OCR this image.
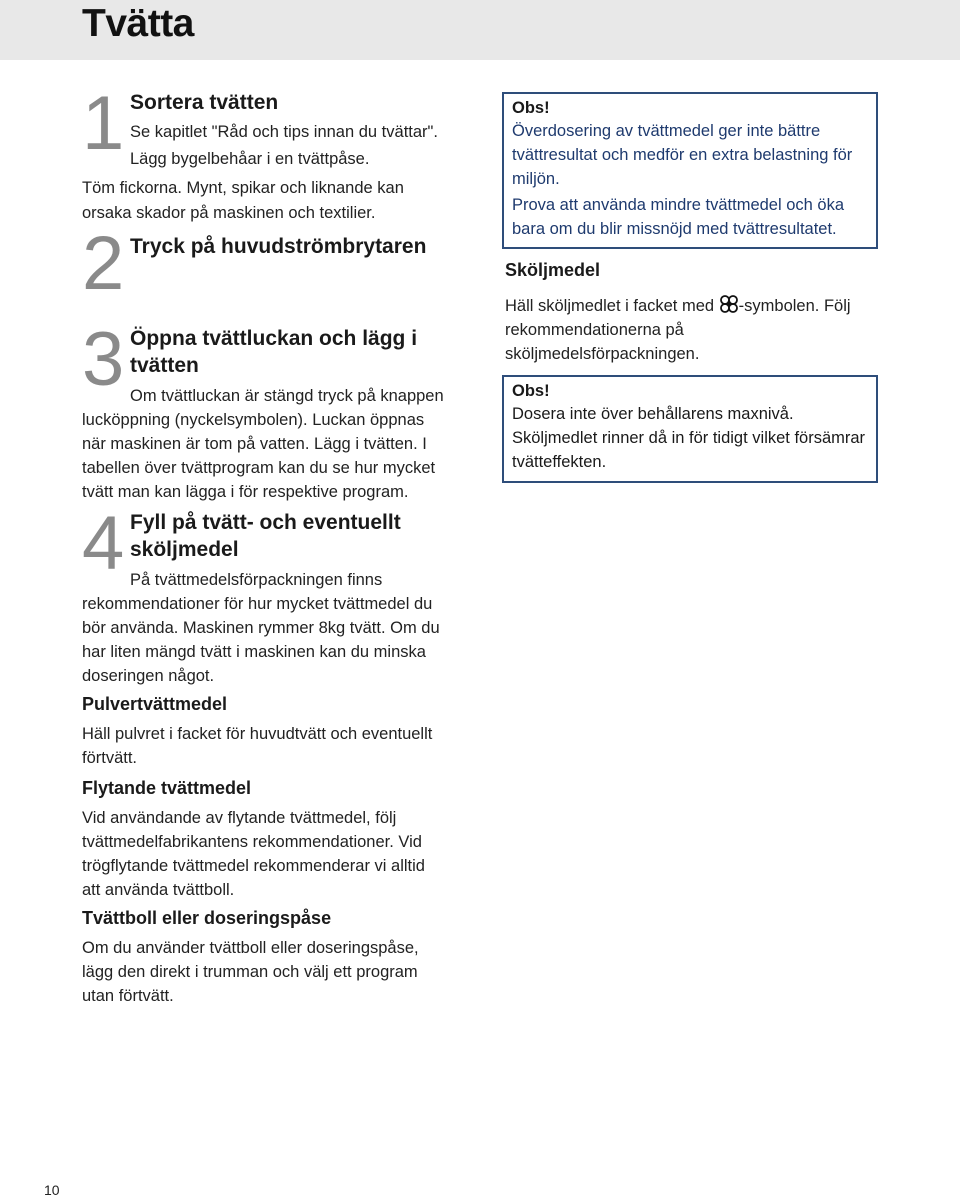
Tvätta
1 Sortera tvätten

Se kapitlet "Råd och tips innan du tvättar".

Lägg bygelbehåar i en tvättpåse.

Töm fickorna. Mynt, spikar och liknande kan

orsaka skador på maskinen och textilier.

2 Tryck på huvudströmbrytaren
3 Öppna tvättluckan och lägg i
tvätten

Om tvättluckan är stängd tryck på knappen

lucköppning (nyckelsymbolen). Luckan öppnas

när maskinen är tom på vatten. Lägg i tvätten. I

tabellen över tvättprogram kan du se hur mycket

tvätt man kan lägga i för respektive program.

4 Fyll på tvätt- och eventuellt
sköljmedel

På tvättmedelsförpackningen finns

rekommendationer för hur mycket tvättmedel du

bör använda. Maskinen rymmer 8kg tvätt. Om du

har liten mängd tvätt i maskinen kan du minska

doseringen något.

Pulvertvättmedel

Häll pulvret i facket för huvudtvätt och eventuellt

förtvätt.

Flytande tvättmedel

Vid användande av flytande tvättmedel, följ

tvättmedelfabrikantens rekommendationer. Vid

trögflytande tvättmedel rekommenderar vi alltid

att använda tvättboll.

Tvättboll eller doseringspåse

Om du använder tvättboll eller doseringspåse,

lägg den direkt i trumman och välj ett program

utan förtvätt.

Obs!

Överdosering av tvättmedel ger inte bättre

tvättresultat och medför en extra belastning för

miljön.

Prova att använda mindre tvättmedel och öka

bara om du blir missnöjd med tvättresultatet.

Sköljmedel

Häll sköljmedlet i facket med -symbolen. Följ

rekommendationerna på

sköljmedelsförpackningen.

Obs!

Dosera inte över behållarens maxnivå.

Sköljmedlet rinner då in för tidigt vilket försämrar

tvätteffekten.

10
